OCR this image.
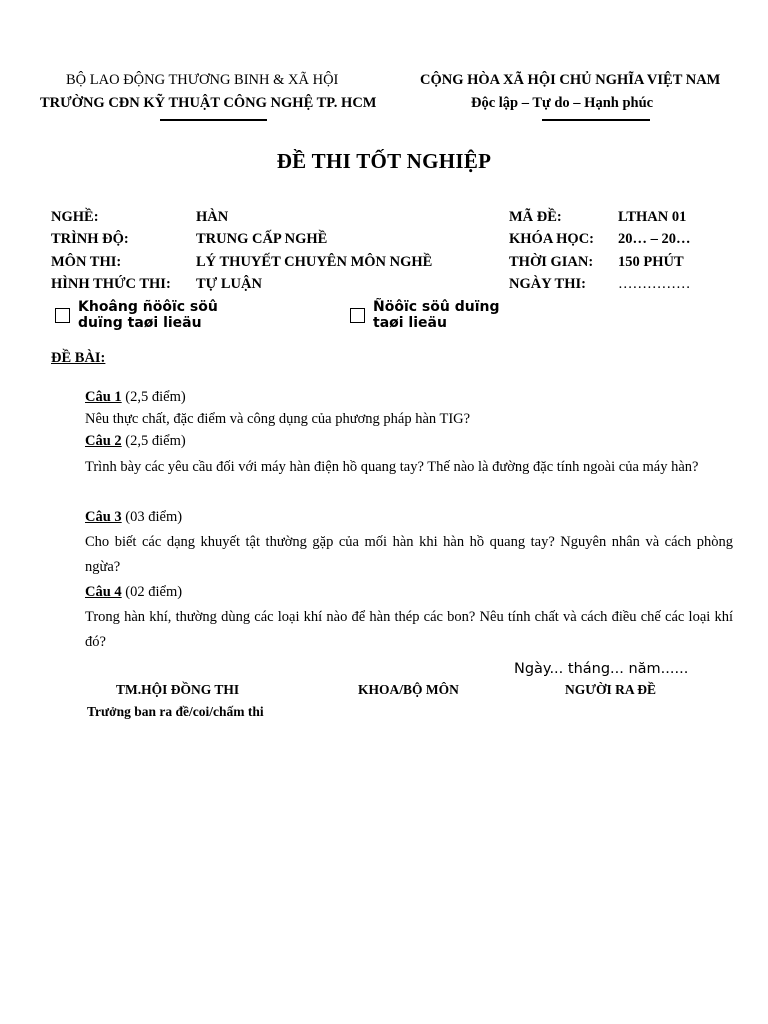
BỘ LAO ĐỘNG THƯƠNG BINH & XÃ HỘI
TRƯỜNG CĐN KỸ THUẬT CÔNG NGHỆ TP. HCM
CỘNG HÒA XÃ HỘI CHỦ NGHĨA VIỆT NAM
Độc lập – Tự do – Hạnh phúc
ĐỀ THI TỐT NGHIỆP
NGHỀ:	HÀN
TRÌNH ĐỘ:	TRUNG CẤP NGHỀ
MÔN THI:	LÝ THUYẾT CHUYÊN MÔN NGHỀ
HÌNH THỨC THI: TỰ LUẬN
MÃ ĐỀ:	LTHAN 01
KHÓA HỌC: 20… – 20…
THỜI GIAN: 150 PHÚT
NGÀY THI: ……………
Khoâng ñöôïc söû duïng taøi lieäu
Ñöôïc söû duïng taøi lieäu
ĐỀ BÀI:
Câu 1 (2,5 điểm)
Nêu thực chất, đặc điểm và công dụng của phương pháp hàn TIG?
Câu 2 (2,5 điểm)
Trình bày các yêu cầu đối với máy hàn điện hồ quang tay? Thế nào là đường đặc tính ngoài của máy hàn?
Câu 3 (03 điểm)
Cho biết các dạng khuyết tật thường gặp của mối hàn khi hàn hồ quang tay? Nguyên nhân và cách phòng ngừa?
Câu 4 (02 điểm)
Trong hàn khí, thường dùng các loại khí nào để hàn thép các bon? Nêu tính chất và cách điều chế các loại khí đó?
Ngày... tháng... năm......
TM.HỘI ĐỒNG THI
Trưởng ban ra đề/coi/chấm thi
KHOA/BỘ MÔN	NGƯỜI RA ĐỀ
